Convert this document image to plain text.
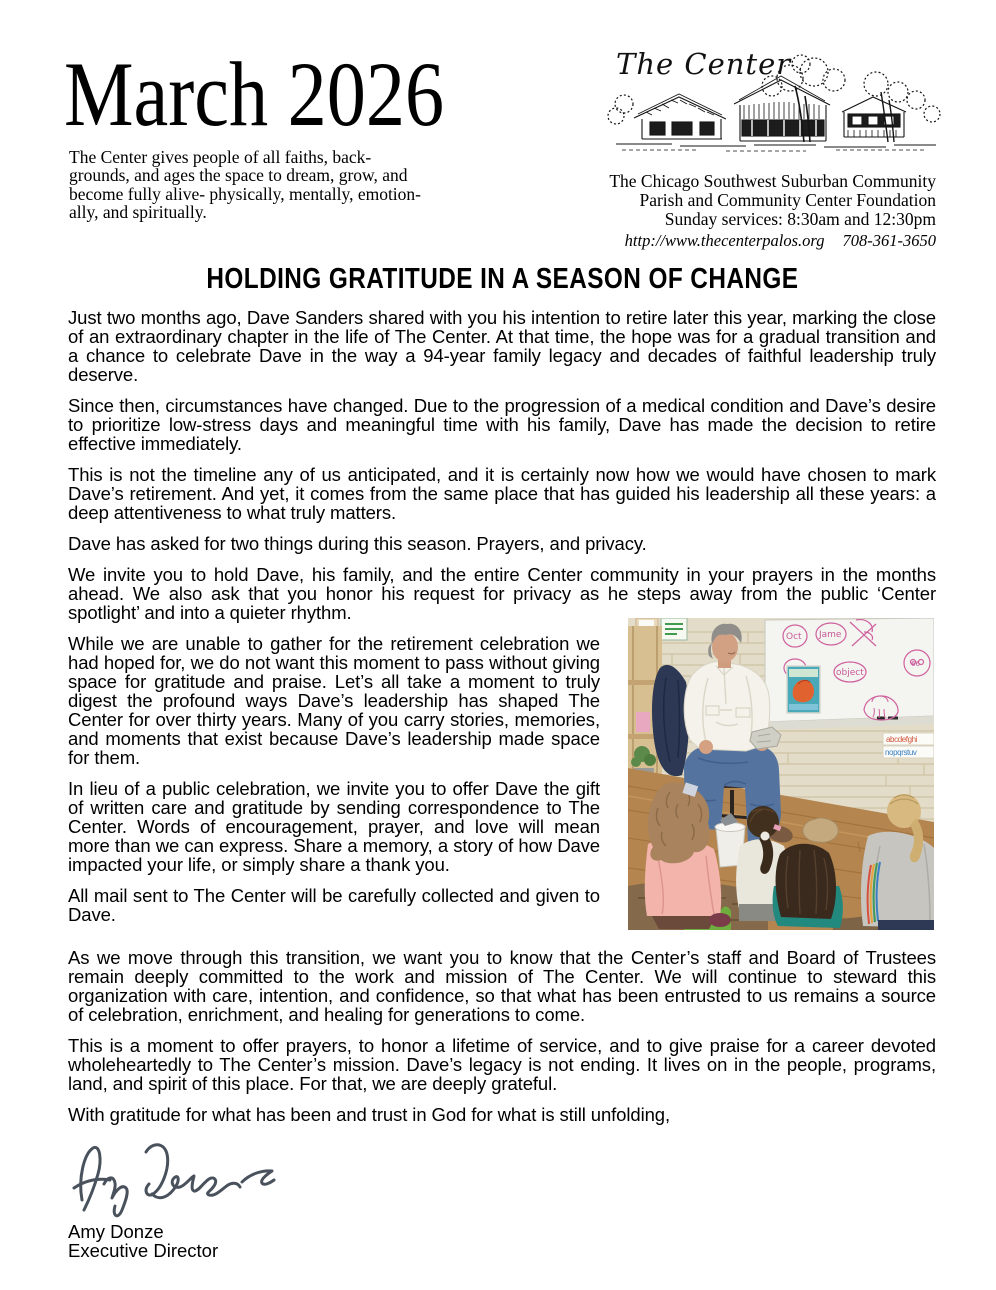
March 2026
The Center gives people of all faiths, back-
grounds, and ages the space to dream, grow, and
become fully alive- physically, mentally, emotion-
ally, and spiritually.
The Center
The Chicago Southwest Suburban Community
Parish and Community Center Foundation
Sunday services: 8:30am and 12:30pm
http://www.thecenterpalos.org 708-361-3650
HOLDING GRATITUDE IN A SEASON OF CHANGE

Just two months ago, Dave Sanders shared with you his intention to retire later this year, marking the close of an extraordinary chapter in the life of The Center. At that time, the hope was for a gradual transition and a chance to celebrate Dave in the way a 94-year family legacy and decades of faithful leadership truly deserve.

Since then, circumstances have changed. Due to the progression of a medical condition and Dave’s desire to prioritize low-stress days and meaningful time with his family, Dave has made the decision to retire effective immediately.

This is not the timeline any of us anticipated, and it is certainly now how we would have chosen to mark Dave’s retirement. And yet, it comes from the same place that has guided his leadership all these years: a deep attentiveness to what truly matters.

Dave has asked for two things during this season. Prayers, and privacy.

We invite you to hold Dave, his family, and the entire Center community in your prayers in the months ahead. We also ask that you honor his request for privacy as he steps away from the public ‘Center spotlight’ and into a quieter rhythm.

While we are unable to gather for the retirement celebration we had hoped for, we do not want this moment to pass without giving space for gratitude and praise. Let’s all take a moment to truly digest the profound ways Dave’s leadership has shaped The Center for over thirty years. Many of you carry stories, memories, and moments that exist because Dave’s leadership made space for them.

In lieu of a public celebration, we invite you to offer Dave the gift of written care and gratitude by sending correspondence to The Center. Words of encouragement, prayer, and love will mean more than we can express. Share a memory, a story of how Dave impacted your life, or simply share a thank you.

All mail sent to The Center will be carefully collected and given to Dave.

Oct Jame
object
66
abcdefghi
nopqrstuv

As we move through this transition, we want you to know that the Center’s staff and Board of Trustees remain deeply committed to the work and mission of The Center. We will continue to steward this organization with care, intention, and confidence, so that what has been entrusted to us remains a source of celebration, enrichment, and healing for generations to come.

This is a moment to offer prayers, to honor a lifetime of service, and to give praise for a career devoted wholeheartedly to The Center’s mission. Dave’s legacy is not ending. It lives on in the people, programs, land, and spirit of this place. For that, we are deeply grateful.

With gratitude for what has been and trust in God for what is still unfolding,

Amy Donze
Executive Director
